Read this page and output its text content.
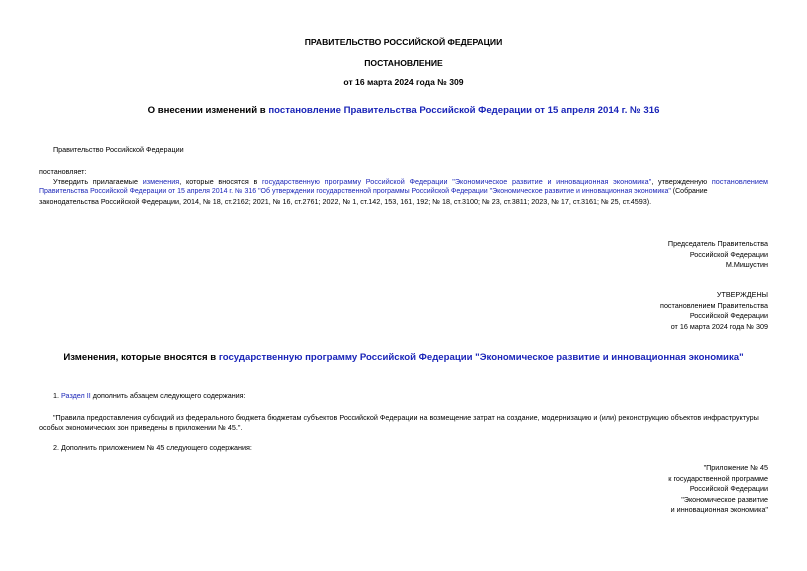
ПРАВИТЕЛЬСТВО РОССИЙСКОЙ ФЕДЕРАЦИИ
ПОСТАНОВЛЕНИЕ
от 16 марта 2024 года № 309
О внесении изменений в постановление Правительства Российской Федерации от 15 апреля 2014 г. № 316
Правительство Российской Федерации
постановляет:
Утвердить прилагаемые изменения, которые вносятся в государственную программу Российской Федерации "Экономическое развитие и инновационная экономика", утвержденную постановлением
Правительства Российской Федерации от 15 апреля 2014 г. № 316 "Об утверждении государственной программы Российской Федерации "Экономическое развитие и инновационная экономика" (Собрание
законодательства Российской Федерации, 2014, № 18, ст.2162; 2021, № 16, ст.2761; 2022, № 1, ст.142, 153, 161, 192; № 18, ст.3100; № 23, ст.3811; 2023, № 17, ст.3161; № 25, ст.4593).
Председатель Правительства
Российской Федерации
М.Мишустин
УТВЕРЖДЕНЫ
постановлением Правительства
Российской Федерации
от 16 марта 2024 года № 309
Изменения, которые вносятся в государственную программу Российской Федерации "Экономическое развитие и инновационная экономика"
1. Раздел II дополнить абзацем следующего содержания:
"Правила предоставления субсидий из федерального бюджета бюджетам субъектов Российской Федерации на возмещение затрат на создание, модернизацию и (или) реконструкцию объектов инфраструктуры
особых экономических зон приведены в приложении № 45.".
2. Дополнить приложением № 45 следующего содержания:
"Приложение № 45
к государственной программе
Российской Федерации
"Экономическое развитие
и инновационная экономика"
